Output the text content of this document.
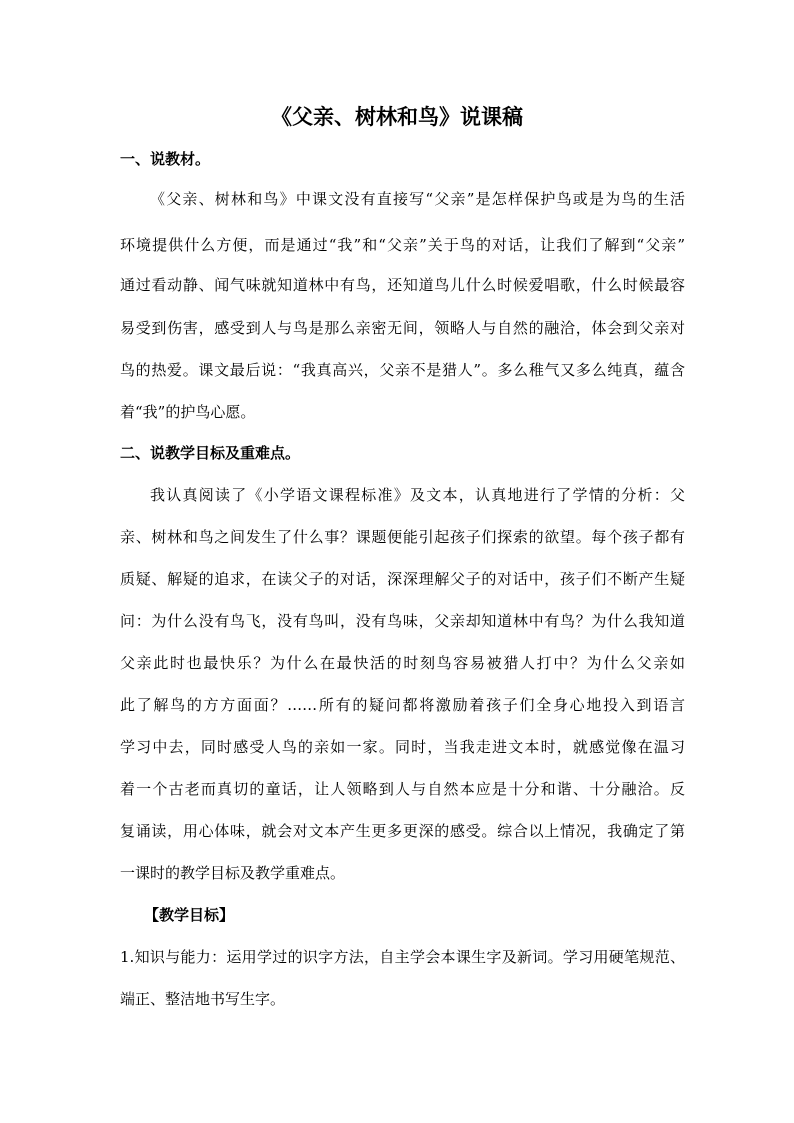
《父亲、树林和鸟》说课稿
一、说教材。
《父亲、树林和鸟》中课文没有直接写“父亲”是怎样保护鸟或是为鸟的生活
环境提供什么方便，而是通过“我”和“父亲”关于鸟的对话，让我们了解到“父亲”
通过看动静、闻气味就知道林中有鸟，还知道鸟儿什么时候爱唱歌，什么时候最容
易受到伤害，感受到人与鸟是那么亲密无间，领略人与自然的融洽，体会到父亲对
鸟的热爱。课文最后说：“我真高兴，父亲不是猎人”。多么稚气又多么纯真，蕴含
着“我”的护鸟心愿。
二、说教学目标及重难点。
我认真阅读了《小学语文课程标准》及文本，认真地进行了学情的分析：父
亲、树林和鸟之间发生了什么事？课题便能引起孩子们探索的欲望。每个孩子都有
质疑、解疑的追求，在读父子的对话，深深理解父子的对话中，孩子们不断产生疑
问：为什么没有鸟飞，没有鸟叫，没有鸟味，父亲却知道林中有鸟？为什么我知道
父亲此时也最快乐？为什么在最快活的时刻鸟容易被猎人打中？为什么父亲如
此了解鸟的方方面面？……所有的疑问都将激励着孩子们全身心地投入到语言
学习中去，同时感受人鸟的亲如一家。同时，当我走进文本时，就感觉像在温习
着一个古老而真切的童话，让人领略到人与自然本应是十分和谐、十分融洽。反
复诵读，用心体味，就会对文本产生更多更深的感受。综合以上情况，我确定了第
一课时的教学目标及教学重难点。
【教学目标】
1.知识与能力：运用学过的识字方法，自主学会本课生字及新词。学习用硬笔规范、
端正、整洁地书写生字。
